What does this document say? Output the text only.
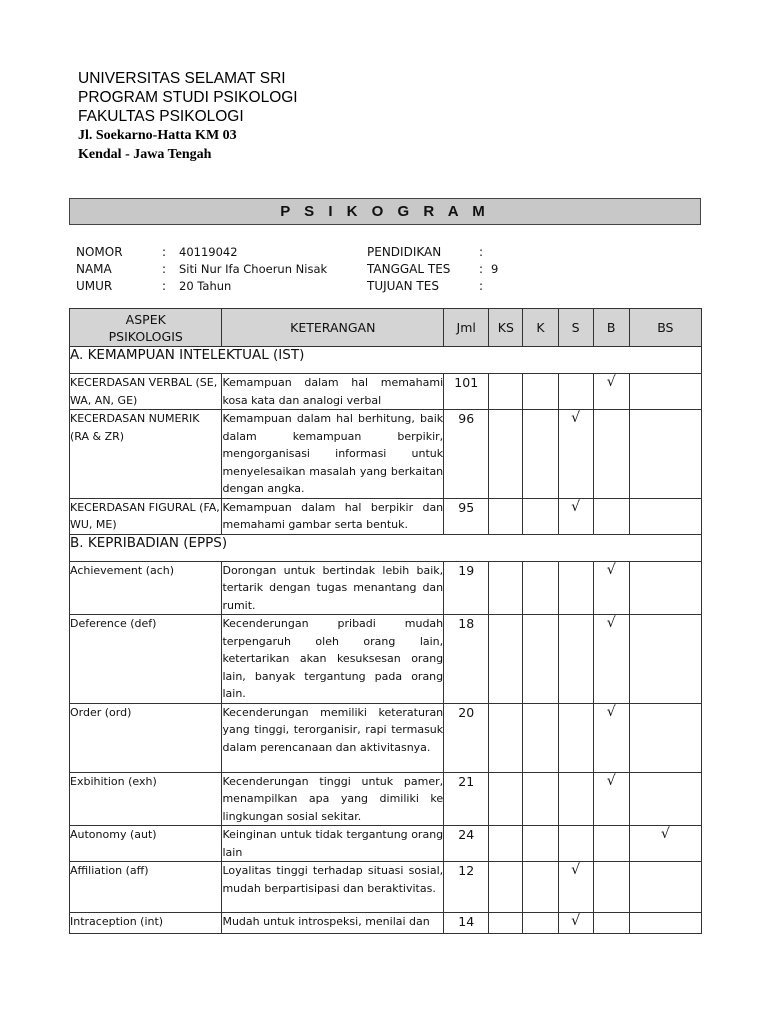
UNIVERSITAS SELAMAT SRI
PROGRAM STUDI PSIKOLOGI
FAKULTAS PSIKOLOGI
Jl. Soekarno-Hatta KM 03
Kendal - Jawa Tengah
P S I K O G R A M
NOMOR	:	40119042
NAMA	:	Siti Nur Ifa Choerun Nisak
UMUR	:	20 Tahun
PENDIDIKAN	:
TANGGAL TES	: 9
TUJUAN TES	:
ASPEK PSIKOLOGIS	KETERANGAN	Jml	KS	K	S	B	BS
A. KEMAMPUAN INTELEKTUAL (IST)							
KECERDASAN VERBAL (SE, WA, AN, GE)	Kemampuan dalam hal memahami kosa kata dan analogi verbal	101				√	
KECERDASAN NUMERIK (RA & ZR)	Kemampuan dalam hal berhitung, baik dalam kemampuan berpikir, mengorganisasi informasi untuk menyelesaikan masalah yang berkaitan dengan angka.	96			√		
KECERDASAN FIGURAL (FA, WU, ME)	Kemampuan dalam hal berpikir dan memahami gambar serta bentuk.	95			√		
B. KEPRIBADIAN (EPPS)							
Achievement (ach)	Dorongan untuk bertindak lebih baik, tertarik dengan tugas menantang dan rumit.	19				√	
Deference (def)	Kecenderungan pribadi mudah terpengaruh oleh orang lain, ketertarikan akan kesuksesan orang lain, banyak tergantung pada orang lain.	18				√	
Order (ord)	Kecenderungan memiliki keteraturan yang tinggi, terorganisir, rapi termasuk dalam perencanaan dan aktivitasnya.	20				√	
Exbihition (exh)	Kecenderungan tinggi untuk pamer, menampilkan apa yang dimiliki ke lingkungan sosial sekitar.	21				√	
Autonomy (aut)	Keinginan untuk tidak tergantung orang lain	24					√
Affiliation (aff)	Loyalitas tinggi terhadap situasi sosial, mudah berpartisipasi dan beraktivitas.	12			√		
Intraception (int)	Mudah untuk introspeksi, menilai dan	14			√		
